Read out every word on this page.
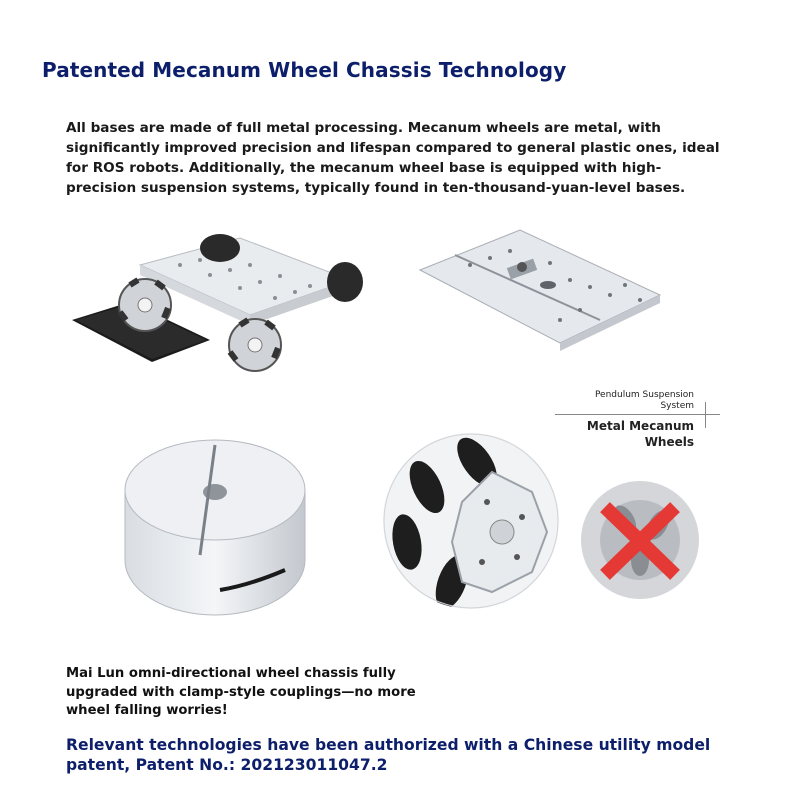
Patented Mecanum Wheel Chassis Technology
All bases are made of full metal processing. Mecanum wheels are metal, with significantly improved precision and lifespan compared to general plastic ones, ideal for ROS robots. Additionally, the mecanum wheel base is equipped with high-precision suspension systems, typically found in ten-thousand-yuan-level bases.
Pendulum Suspension System
Metal Mecanum Wheels
Mai Lun omni-directional wheel chassis fully upgraded with clamp-style couplings—no more wheel falling worries!
Relevant technologies have been authorized with a Chinese utility model patent, Patent No.: 202123011047.2
